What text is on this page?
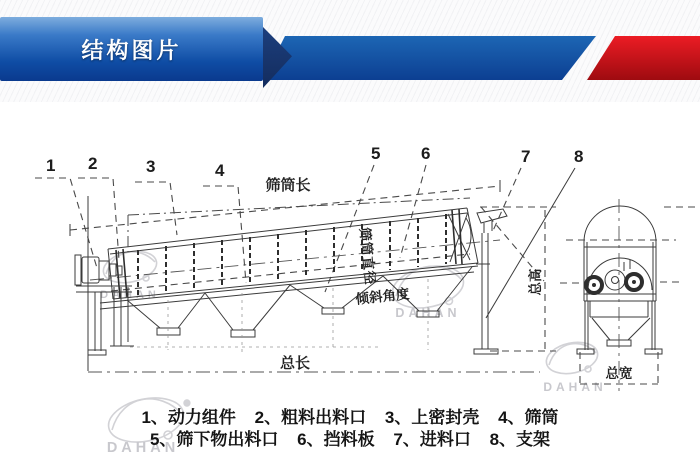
结构图片
DAHAN
DAHAN
DAHAN
®
DAHAN
1 2	3	4
5 6	7	8
筛筒长
筛筒直径
倾斜角度
总长
总高
总宽
1、动力组件 2、粗料出料口 3、上密封壳 4、筛筒
5、筛下物出料口 6、挡料板 7、进料口 8、支架
